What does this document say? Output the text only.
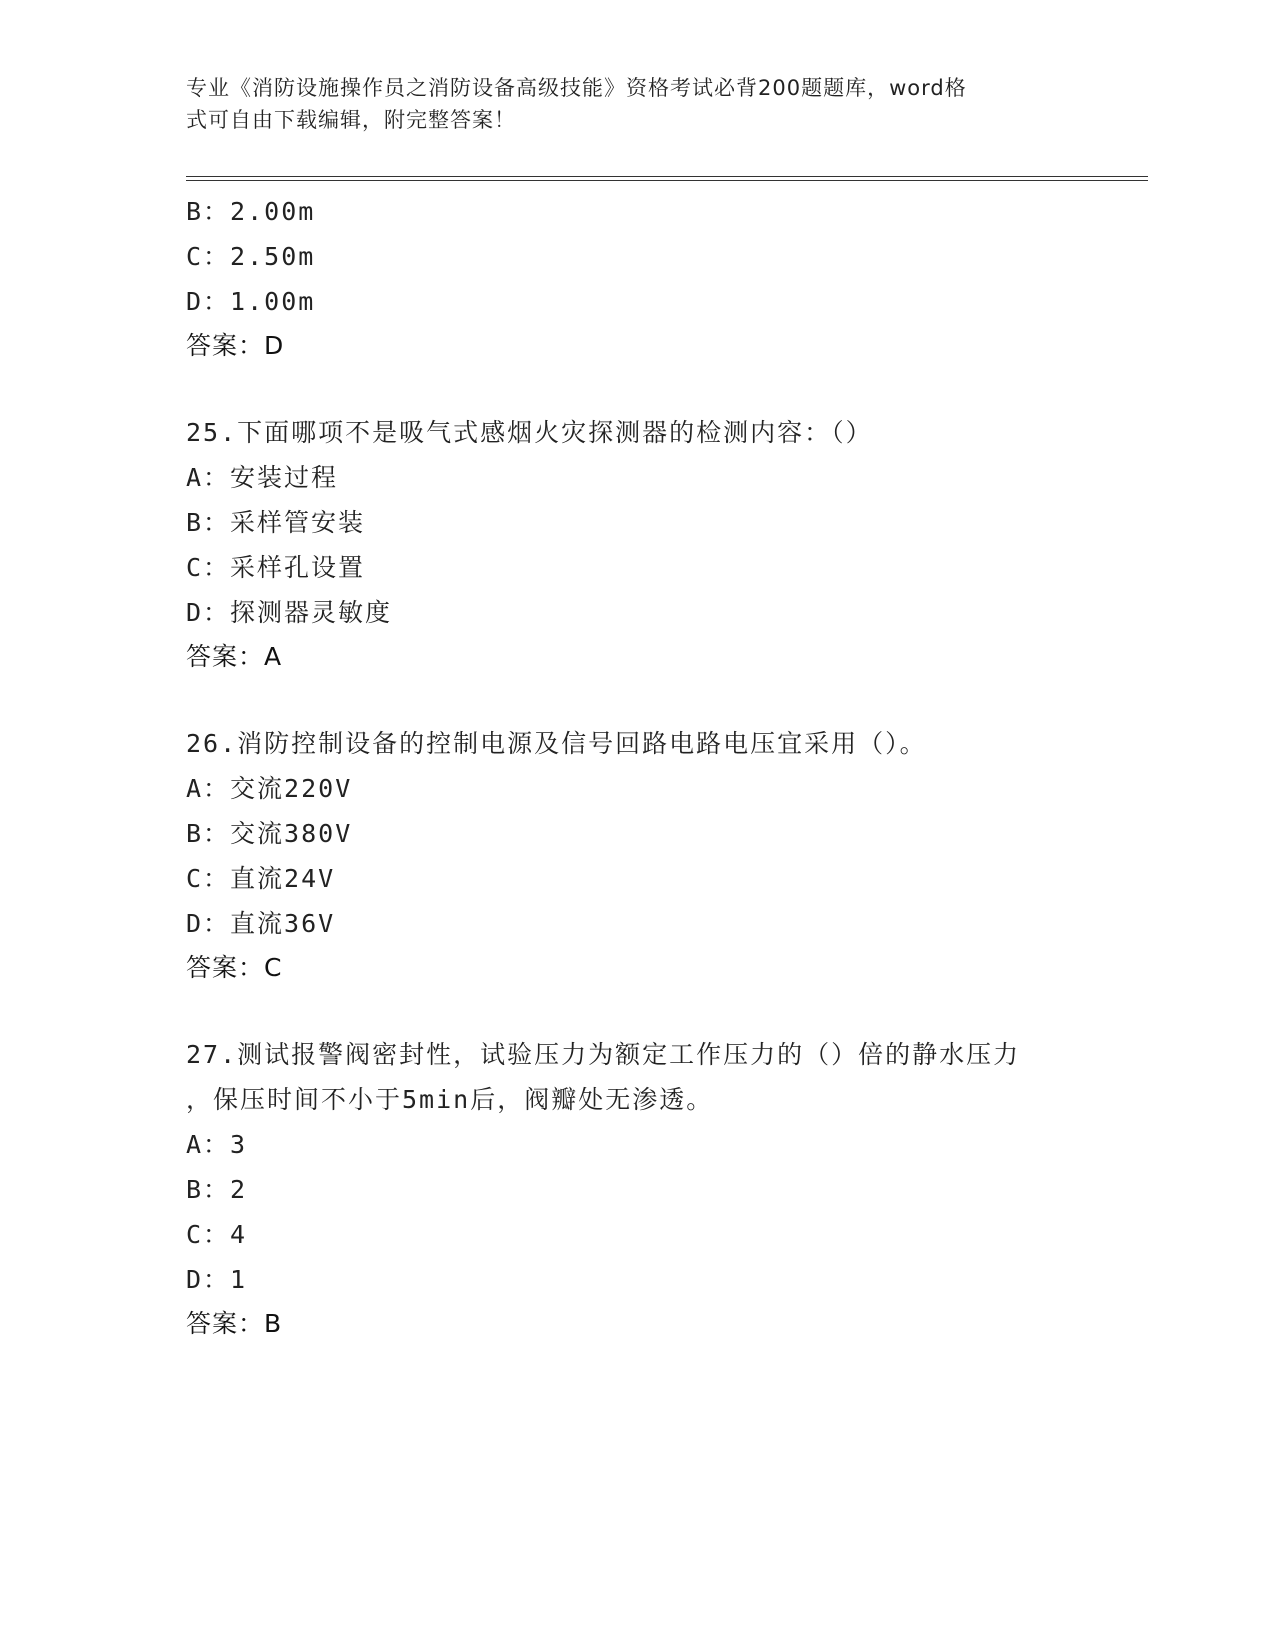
专业《消防设施操作员之消防设备高级技能》资格考试必背200题题库，word格
式可自由下载编辑，附完整答案！

B：2.00m

C：2.50m

D：1.00m

答案：D

25.下面哪项不是吸气式感烟火灾探测器的检测内容：（）

A：安装过程

B：采样管安装

C：采样孔设置

D：探测器灵敏度

答案：A

26.消防控制设备的控制电源及信号回路电路电压宜采用（）。

A：交流220V

B：交流380V

C：直流24V

D：直流36V

答案：C

27.测试报警阀密封性，试验压力为额定工作压力的（）倍的静水压力

，保压时间不小于5min后，阀瓣处无渗透。

A：3

B：2

C：4

D：1

答案：B
